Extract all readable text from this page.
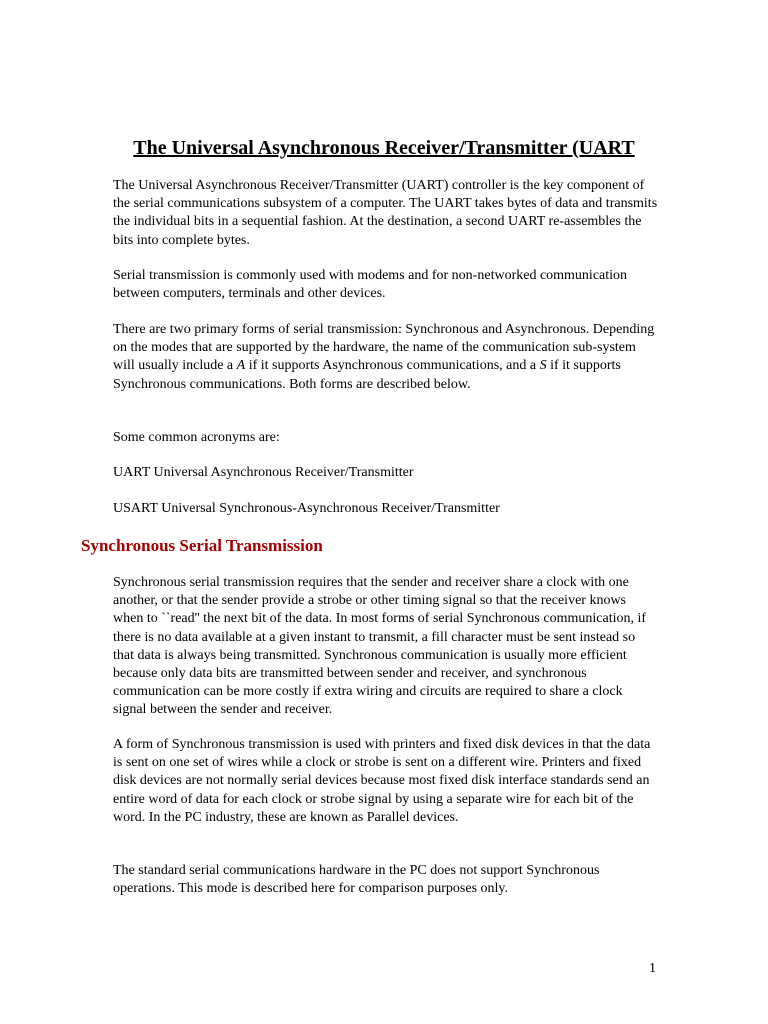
The Universal Asynchronous Receiver/Transmitter (UART

The Universal Asynchronous Receiver/Transmitter (UART) controller is the key component of the serial communications subsystem of a computer. The UART takes bytes of data and transmits the individual bits in a sequential fashion. At the destination, a second UART re-assembles the bits into complete bytes.

Serial transmission is commonly used with modems and for non-networked communication between computers, terminals and other devices.

There are two primary forms of serial transmission: Synchronous and Asynchronous. Depending on the modes that are supported by the hardware, the name of the communication sub-system will usually include a A if it supports Asynchronous communications, and a S if it supports Synchronous communications. Both forms are described below.

Some common acronyms are:

UART Universal Asynchronous Receiver/Transmitter

USART Universal Synchronous-Asynchronous Receiver/Transmitter

Synchronous Serial Transmission

Synchronous serial transmission requires that the sender and receiver share a clock with one another, or that the sender provide a strobe or other timing signal so that the receiver knows when to ``read'' the next bit of the data. In most forms of serial Synchronous communication, if there is no data available at a given instant to transmit, a fill character must be sent instead so that data is always being transmitted. Synchronous communication is usually more efficient because only data bits are transmitted between sender and receiver, and synchronous communication can be more costly if extra wiring and circuits are required to share a clock signal between the sender and receiver.

A form of Synchronous transmission is used with printers and fixed disk devices in that the data is sent on one set of wires while a clock or strobe is sent on a different wire. Printers and fixed disk devices are not normally serial devices because most fixed disk interface standards send an entire word of data for each clock or strobe signal by using a separate wire for each bit of the word. In the PC industry, these are known as Parallel devices.

The standard serial communications hardware in the PC does not support Synchronous operations. This mode is described here for comparison purposes only.

1
